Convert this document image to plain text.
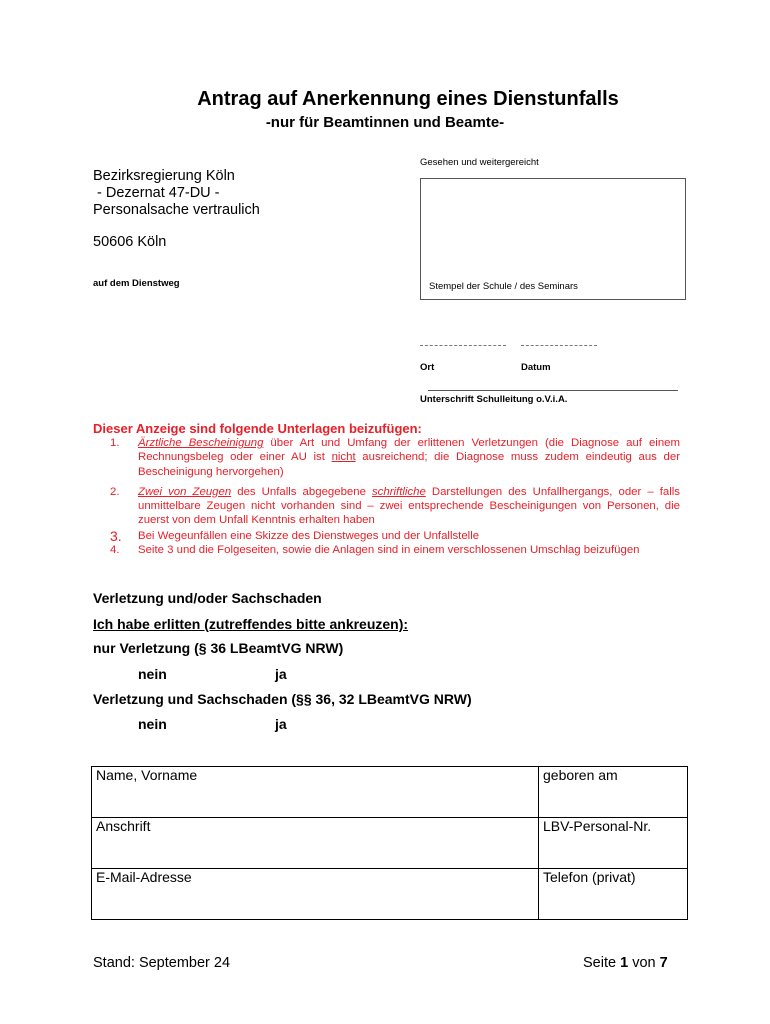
Antrag auf Anerkennung eines Dienstunfalls
-nur für Beamtinnen und Beamte-
Bezirksregierung Köln
- Dezernat 47-DU -
Personalsache vertraulich
50606 Köln
auf dem Dienstweg
Gesehen und weitergereicht
Stempel der Schule / des Seminars
Ort	Datum
Unterschrift Schulleitung o.V.i.A.
Dieser Anzeige sind folgende Unterlagen beizufügen:
1.	Ärztliche Bescheinigung über Art und Umfang der erlittenen Verletzungen (die Diagnose auf einem Rechnungsbeleg oder einer AU ist nicht ausreichend; die Diagnose muss zudem eindeutig aus der Bescheinigung hervorgehen)
2.	Zwei von Zeugen des Unfalls abgegebene schriftliche Darstellungen des Unfallhergangs, oder – falls unmittelbare Zeugen nicht vorhanden sind – zwei entsprechende Bescheinigungen von Personen, die zuerst von dem Unfall Kenntnis erhalten haben
3.	Bei Wegeunfällen eine Skizze des Dienstweges und der Unfallstelle
4.	Seite 3 und die Folgeseiten, sowie die Anlagen sind in einem verschlossenen Umschlag beizufügen
Verletzung und/oder Sachschaden
Ich habe erlitten (zutreffendes bitte ankreuzen):
nur Verletzung (§ 36 LBeamtVG NRW)
nein	ja
Verletzung und Sachschaden (§§ 36, 32 LBeamtVG NRW)
nein	ja
Name, Vorname	geboren am
Anschrift	LBV-Personal-Nr.
E-Mail-Adresse	Telefon (privat)
Stand: September 24	Seite 1 von 7
